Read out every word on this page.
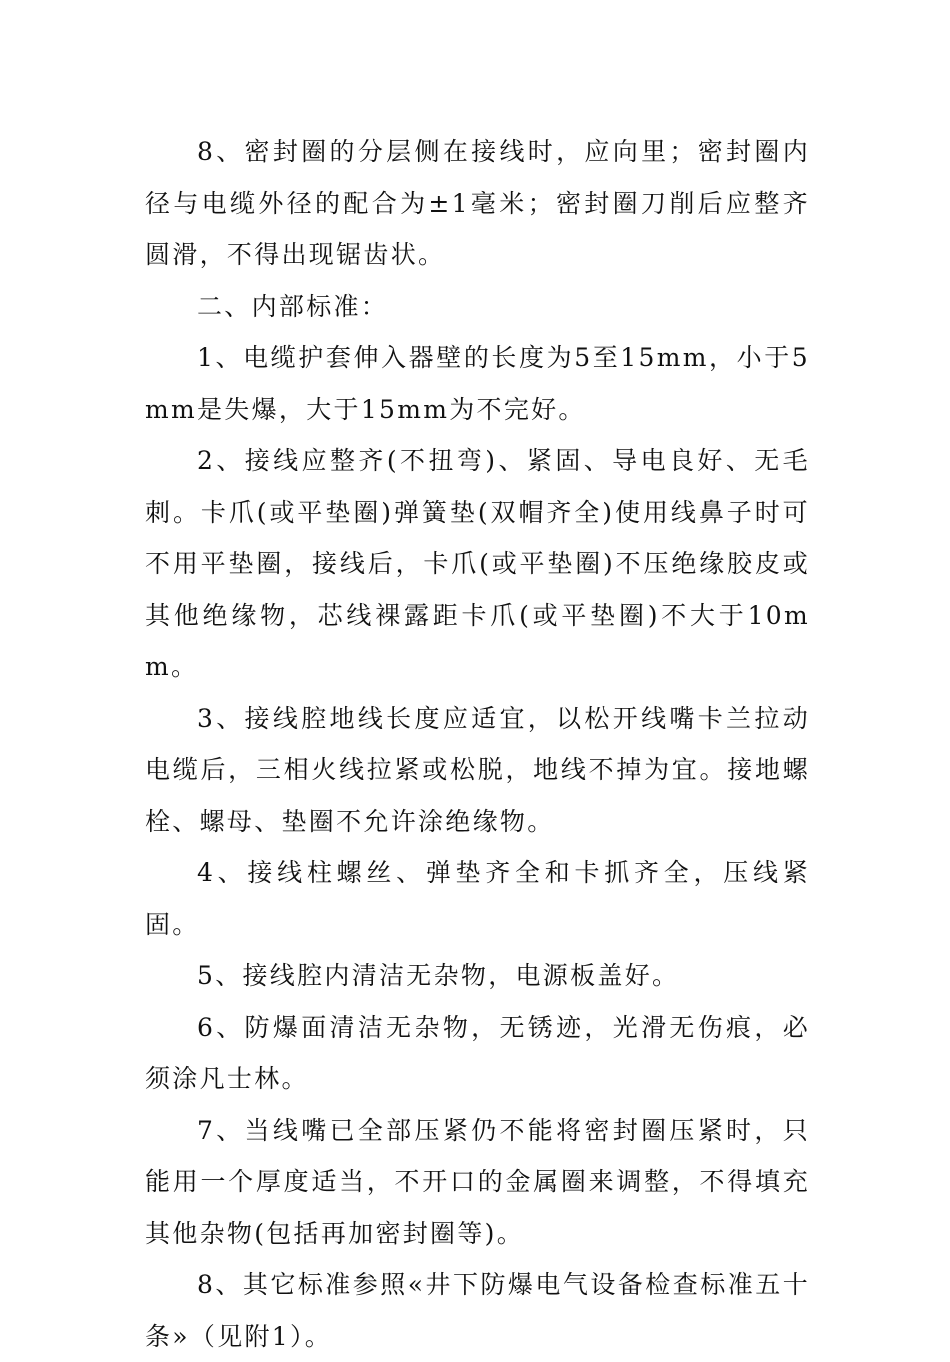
8、密封圈的分层侧在接线时，应向里；密封圈内径与电缆外径的配合为±1毫米；密封圈刀削后应整齐圆滑，不得出现锯齿状。

二、内部标准：

1、电缆护套伸入器壁的长度为5至15mm，小于5mm是失爆，大于15mm为不完好。

2、接线应整齐(不扭弯)、紧固、导电良好、无毛刺。卡爪(或平垫圈)弹簧垫(双帽齐全)使用线鼻子时可不用平垫圈，接线后，卡爪(或平垫圈)不压绝缘胶皮或其他绝缘物，芯线裸露距卡爪(或平垫圈)不大于10mm。

3、接线腔地线长度应适宜，以松开线嘴卡兰拉动电缆后，三相火线拉紧或松脱，地线不掉为宜。接地螺栓、螺母、垫圈不允许涂绝缘物。

4、接线柱螺丝、弹垫齐全和卡抓齐全，压线紧固。

5、接线腔内清洁无杂物，电源板盖好。

6、防爆面清洁无杂物，无锈迹，光滑无伤痕，必须涂凡士林。

7、当线嘴已全部压紧仍不能将密封圈压紧时，只能用一个厚度适当，不开口的金属圈来调整，不得填充其他杂物(包括再加密封圈等)。

8、其它标准参照«井下防爆电气设备检查标准五十条»（见附1）。
